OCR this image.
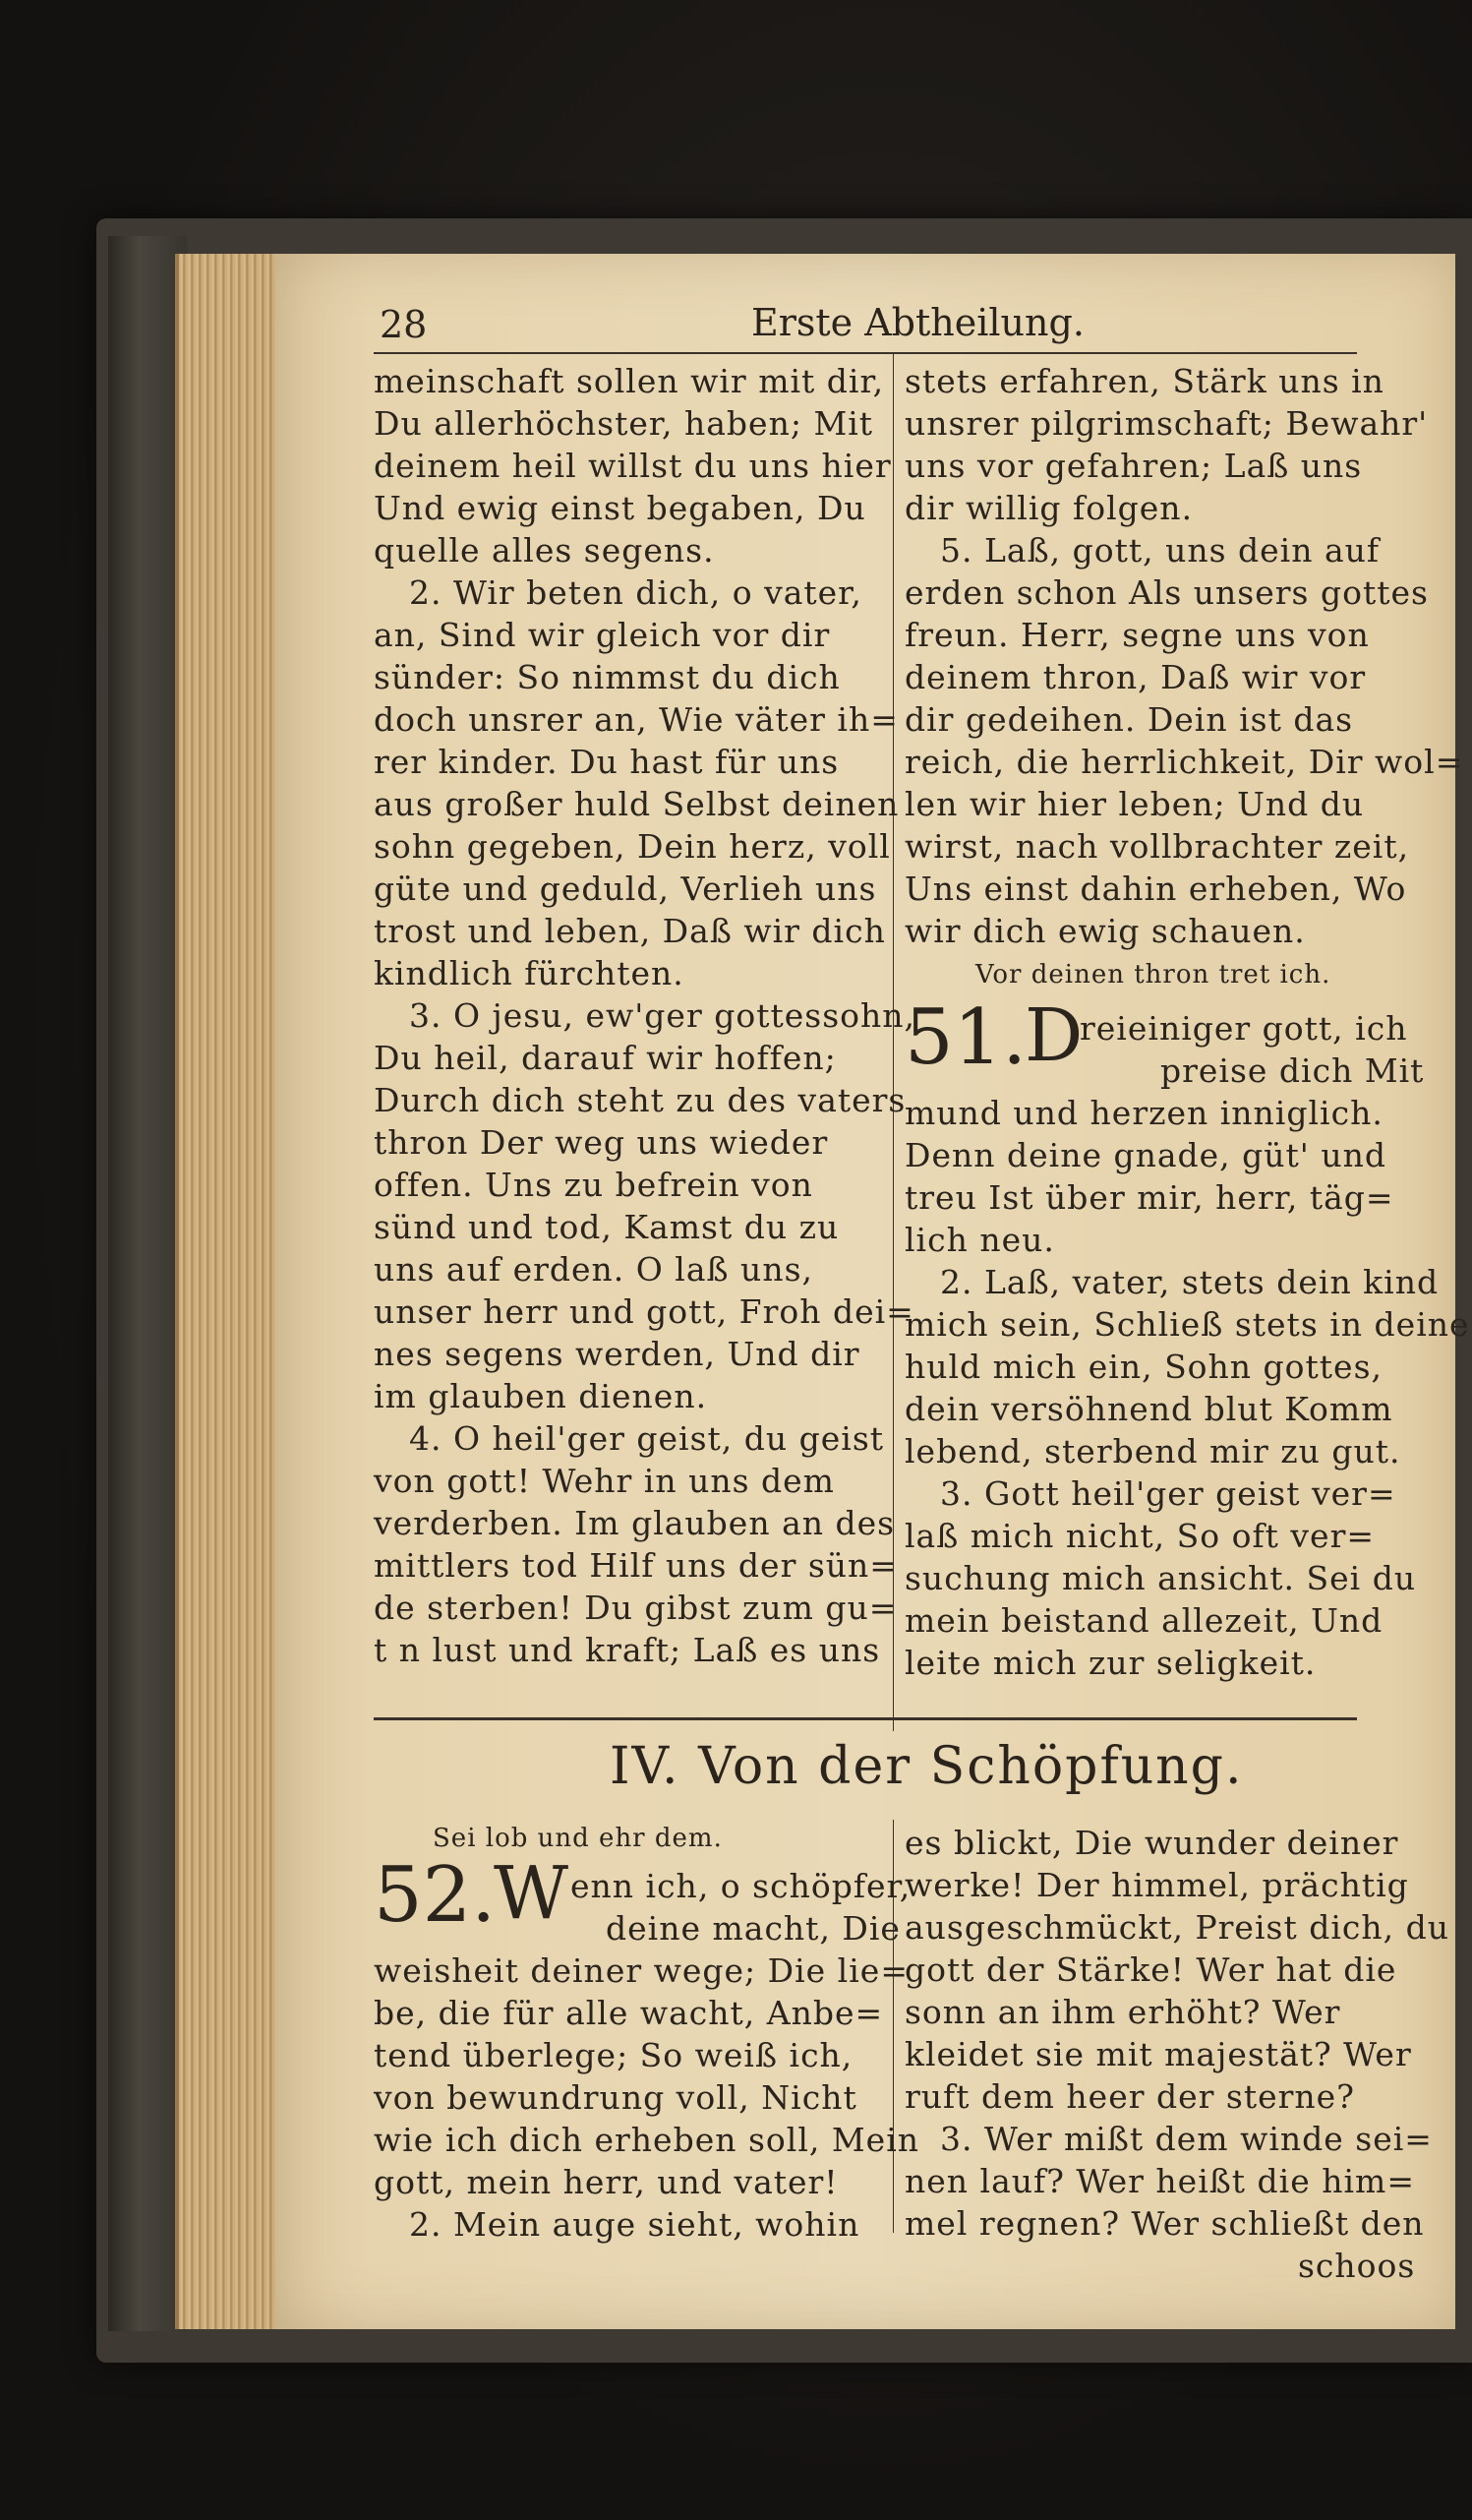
28	Erste Abtheilung.
meinschaft sollen wir mit dir,
Du allerhöchster, haben; Mit
deinem heil willst du uns hier
Und ewig einst begaben, Du
quelle alles segens.
2. Wir beten dich, o vater,
an, Sind wir gleich vor dir
sünder: So nimmst du dich
doch unsrer an, Wie väter ih=
rer kinder. Du hast für uns
aus großer huld Selbst deinen
sohn gegeben, Dein herz, voll
güte und geduld, Verlieh uns
trost und leben, Daß wir dich
kindlich fürchten.
3. O jesu, ew'ger gottessohn,
Du heil, darauf wir hoffen;
Durch dich steht zu des vaters
thron Der weg uns wieder
offen. Uns zu befrein von
sünd und tod, Kamst du zu
uns auf erden. O laß uns,
unser herr und gott, Froh dei=
nes segens werden, Und dir
im glauben dienen.
4. O heil'ger geist, du geist
von gott! Wehr in uns dem
verderben. Im glauben an des
mittlers tod Hilf uns der sün=
de sterben! Du gibst zum gu=
t n lust und kraft; Laß es uns
stets erfahren, Stärk uns in
unsrer pilgrimschaft; Bewahr'
uns vor gefahren; Laß uns
dir willig folgen.
5. Laß, gott, uns dein auf
erden schon Als unsers gottes
freun. Herr, segne uns von
deinem thron, Daß wir vor
dir gedeihen. Dein ist das
reich, die herrlichkeit, Dir wol=
len wir hier leben; Und du
wirst, nach vollbrachter zeit,
Uns einst dahin erheben, Wo
wir dich ewig schauen.
Vor deinen thron tret ich.
51.
D
reieiniger gott, ich
preise dich Mit
mund und herzen inniglich.
Denn deine gnade, güt' und
treu Ist über mir, herr, täg=
lich neu.
2. Laß, vater, stets dein kind
mich sein, Schließ stets in deine
huld mich ein, Sohn gottes,
dein versöhnend blut Komm
lebend, sterbend mir zu gut.
3. Gott heil'ger geist ver=
laß mich nicht, So oft ver=
suchung mich ansicht. Sei du
mein beistand allezeit, Und
leite mich zur seligkeit.
IV. Von der Schöpfung.
Sei lob und ehr dem.
52.
W enn ich, o schöpfer,
deine macht, Die
weisheit deiner wege; Die lie=
be, die für alle wacht, Anbe=
tend überlege; So weiß ich,
von bewundrung voll, Nicht
wie ich dich erheben soll, Mein
gott, mein herr, und vater!
2. Mein auge sieht, wohin
es blickt, Die wunder deiner
werke! Der himmel, prächtig
ausgeschmückt, Preist dich, du
gott der Stärke! Wer hat die
sonn an ihm erhöht? Wer
kleidet sie mit majestät? Wer
ruft dem heer der sterne?
3. Wer mißt dem winde sei=
nen lauf? Wer heißt die him=
mel regnen? Wer schließt den
schoos
